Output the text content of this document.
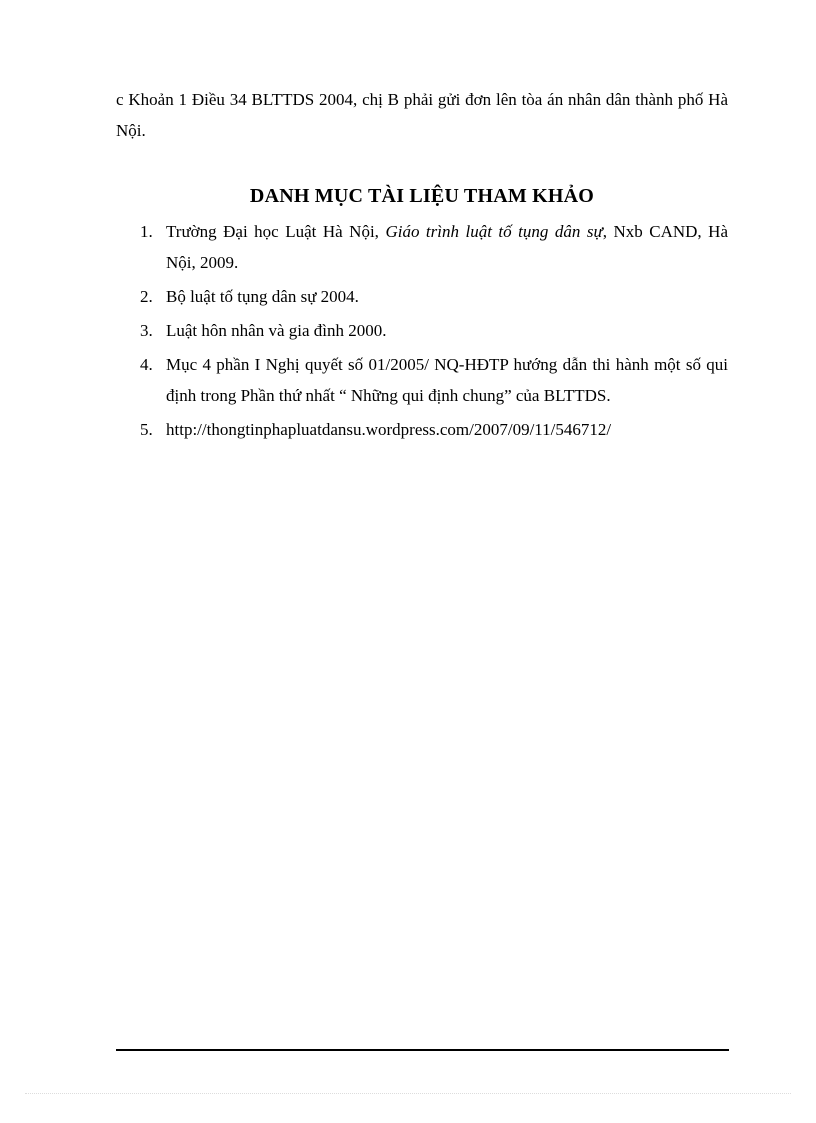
c Khoản 1 Điều 34 BLTTDS 2004, chị B phải gửi đơn lên tòa án nhân dân thành phố Hà Nội.

DANH MỤC TÀI LIỆU THAM KHẢO
1. Trường Đại học Luật Hà Nội, Giáo trình luật tố tụng dân sự, Nxb CAND, Hà Nội, 2009.
2. Bộ luật tố tụng dân sự 2004.
3. Luật hôn nhân và gia đình 2000.
4. Mục 4 phần I Nghị quyết số 01/2005/ NQ-HĐTP hướng dẫn thi hành một số qui định trong Phần thứ nhất “ Những qui định chung” của BLTTDS.
5. http://thongtinphapluatdansu.wordpress.com/2007/09/11/546712/
